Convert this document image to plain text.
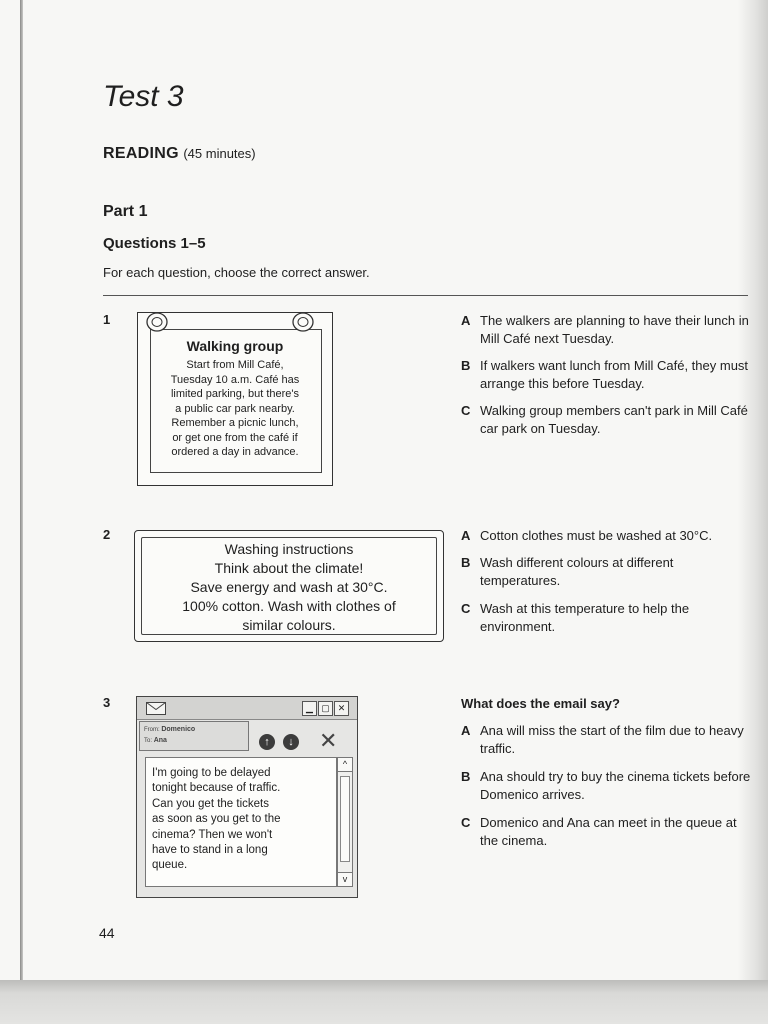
Test 3
READING (45 minutes)
Part 1
Questions 1–5
For each question, choose the correct answer.
1
Walking group
Start from Mill Café,
Tuesday 10 a.m. Café has
limited parking, but there's
a public car park nearby.
Remember a picnic lunch,
or get one from the café if
ordered a day in advance.
A The walkers are planning to have their lunch in Mill Café next Tuesday.
B If walkers want lunch from Mill Café, they must arrange this before Tuesday.
C Walking group members can't park in Mill Café car park on Tuesday.
2
Washing instructions
Think about the climate!
Save energy and wash at 30°C.
100% cotton. Wash with clothes of
similar colours.
A Cotton clothes must be washed at 30°C.
B Wash different colours at different temperatures.
C Wash at this temperature to help the environment.
3	▁ ▢ ✕
From: Domenico
To: Ana	↑	↓ ✕
I'm going to be delayed
tonight because of traffic.
Can you get the tickets
as soon as you get to the
cinema? Then we won't
have to stand in a long
queue.
^
v
What does the email say?
A Ana will miss the start of the film due to heavy traffic.
B Ana should try to buy the cinema tickets before Domenico arrives.
C Domenico and Ana can meet in the queue at the cinema.
44
